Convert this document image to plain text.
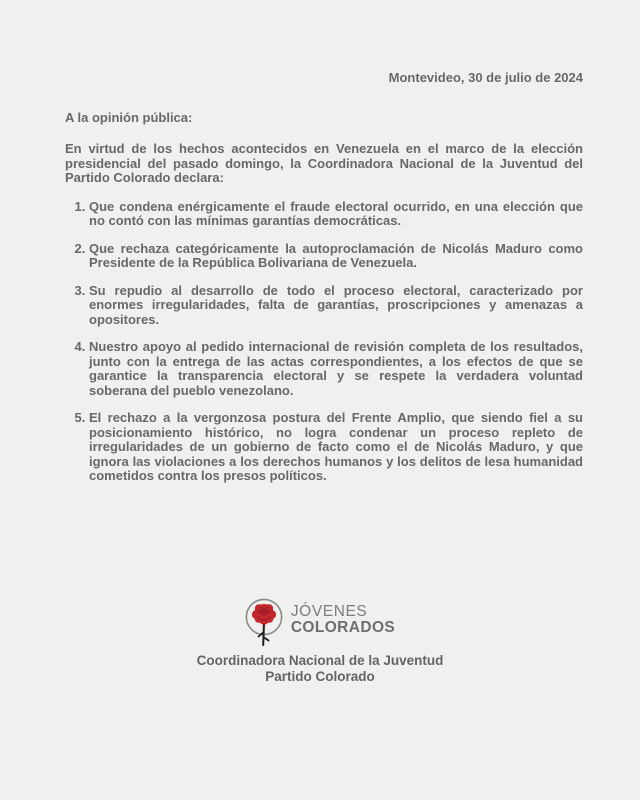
Montevideo, 30 de julio de 2024

A la opinión pública:

En virtud de los hechos acontecidos en Venezuela en el marco de la elección presidencial del pasado domingo, la Coordinadora Nacional de la Juventud del Partido Colorado declara:

1. Que condena enérgicamente el fraude electoral ocurrido, en una elección que no contó con las mínimas garantías democráticas.
2. Que rechaza categóricamente la autoproclamación de Nicolás Maduro como Presidente de la República Bolivariana de Venezuela.
3. Su repudio al desarrollo de todo el proceso electoral, caracterizado por enormes irregularidades, falta de garantías, proscripciones y amenazas a opositores.
4. Nuestro apoyo al pedido internacional de revisión completa de los resultados, junto con la entrega de las actas correspondientes, a los efectos de que se garantice la transparencia electoral y se respete la verdadera voluntad soberana del pueblo venezolano.
5. El rechazo a la vergonzosa postura del Frente Amplio, que siendo fiel a su posicionamiento histórico, no logra condenar un proceso repleto de irregularidades de un gobierno de facto como el de Nicolás Maduro, y que ignora las violaciones a los derechos humanos y los delitos de lesa humanidad cometidos contra los presos políticos.
JÓVENES
COLORADOS
Coordinadora Nacional de la Juventud
Partido Colorado
